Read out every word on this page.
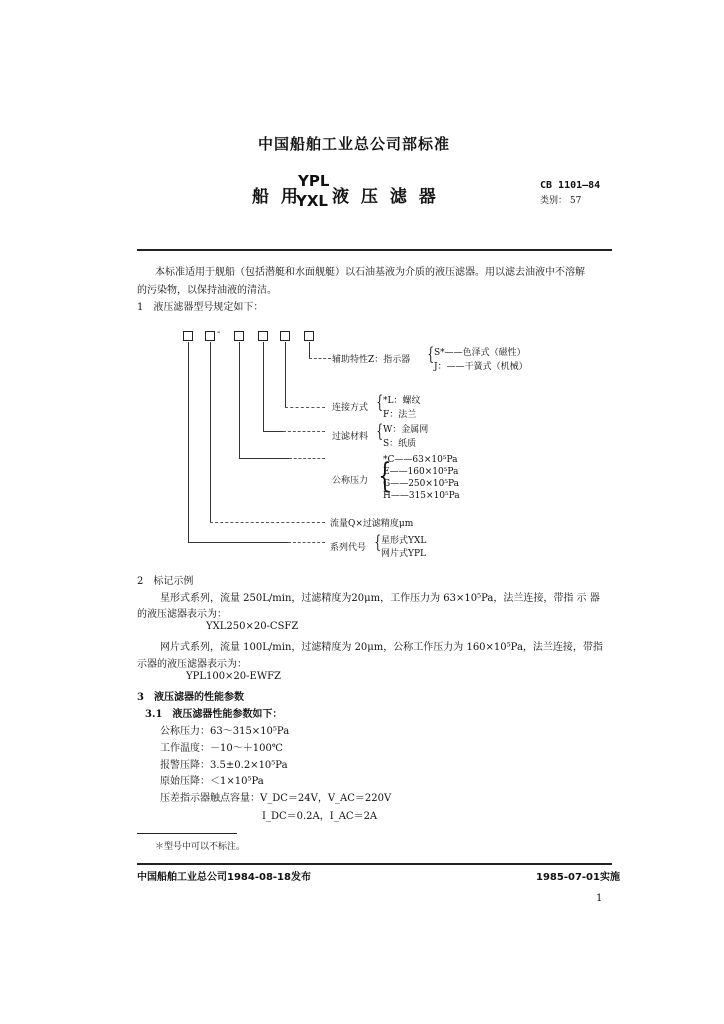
中国船舶工业总公司部标准
船 用
YPL
YXL 液 压 滤 器
CB 1101—84
类别： 57
本标准适用于舰船（包括潜艇和水面舰艇）以石油基液为介质的液压滤器。用以滤去油液中不溶解
的污染物，以保持油液的清洁。
1　液压滤器型号规定如下：
-
辅助特性Z：指示器 { S*——色泽式（磁性）
J：——干簧式（机械）
连接方式 { *L：螺纹
F：法兰
过滤材料 { W：金属网
S：纸质
公称压力 {
*C——63×10⁵Pa
E——160×10⁵Pa
G——250×10⁵Pa
H——315×10⁵Pa
流量Q×过滤精度μm
系列代号 { 星形式YXL
网片式YPL
2　标记示例
星形式系列，流量 250L/min，过滤精度为20μm，工作压力为 63×10⁵Pa，法兰连接，带指 示 器
的液压滤器表示为：
YXL250×20-CSFZ
网片式系列，流量 100L/min，过滤精度为 20μm，公称工作压力为 160×10⁵Pa，法兰连接，带指
示器的液压滤器表示为：
YPL100×20-EWFZ
3　液压滤器的性能参数
3.1　液压滤器性能参数如下：
公称压力：63～315×10⁵Pa
工作温度：－10～＋100℃
报警压降：3.5±0.2×10⁵Pa
原始压降：＜1×10⁵Pa
压差指示器触点容量：V_DC＝24V，V_AC＝220V
I_DC＝0.2A，I_AC＝2A
＊型号中可以不标注。
中国船舶工业总公司1984-08-18发布	1985-07-01实施
1
